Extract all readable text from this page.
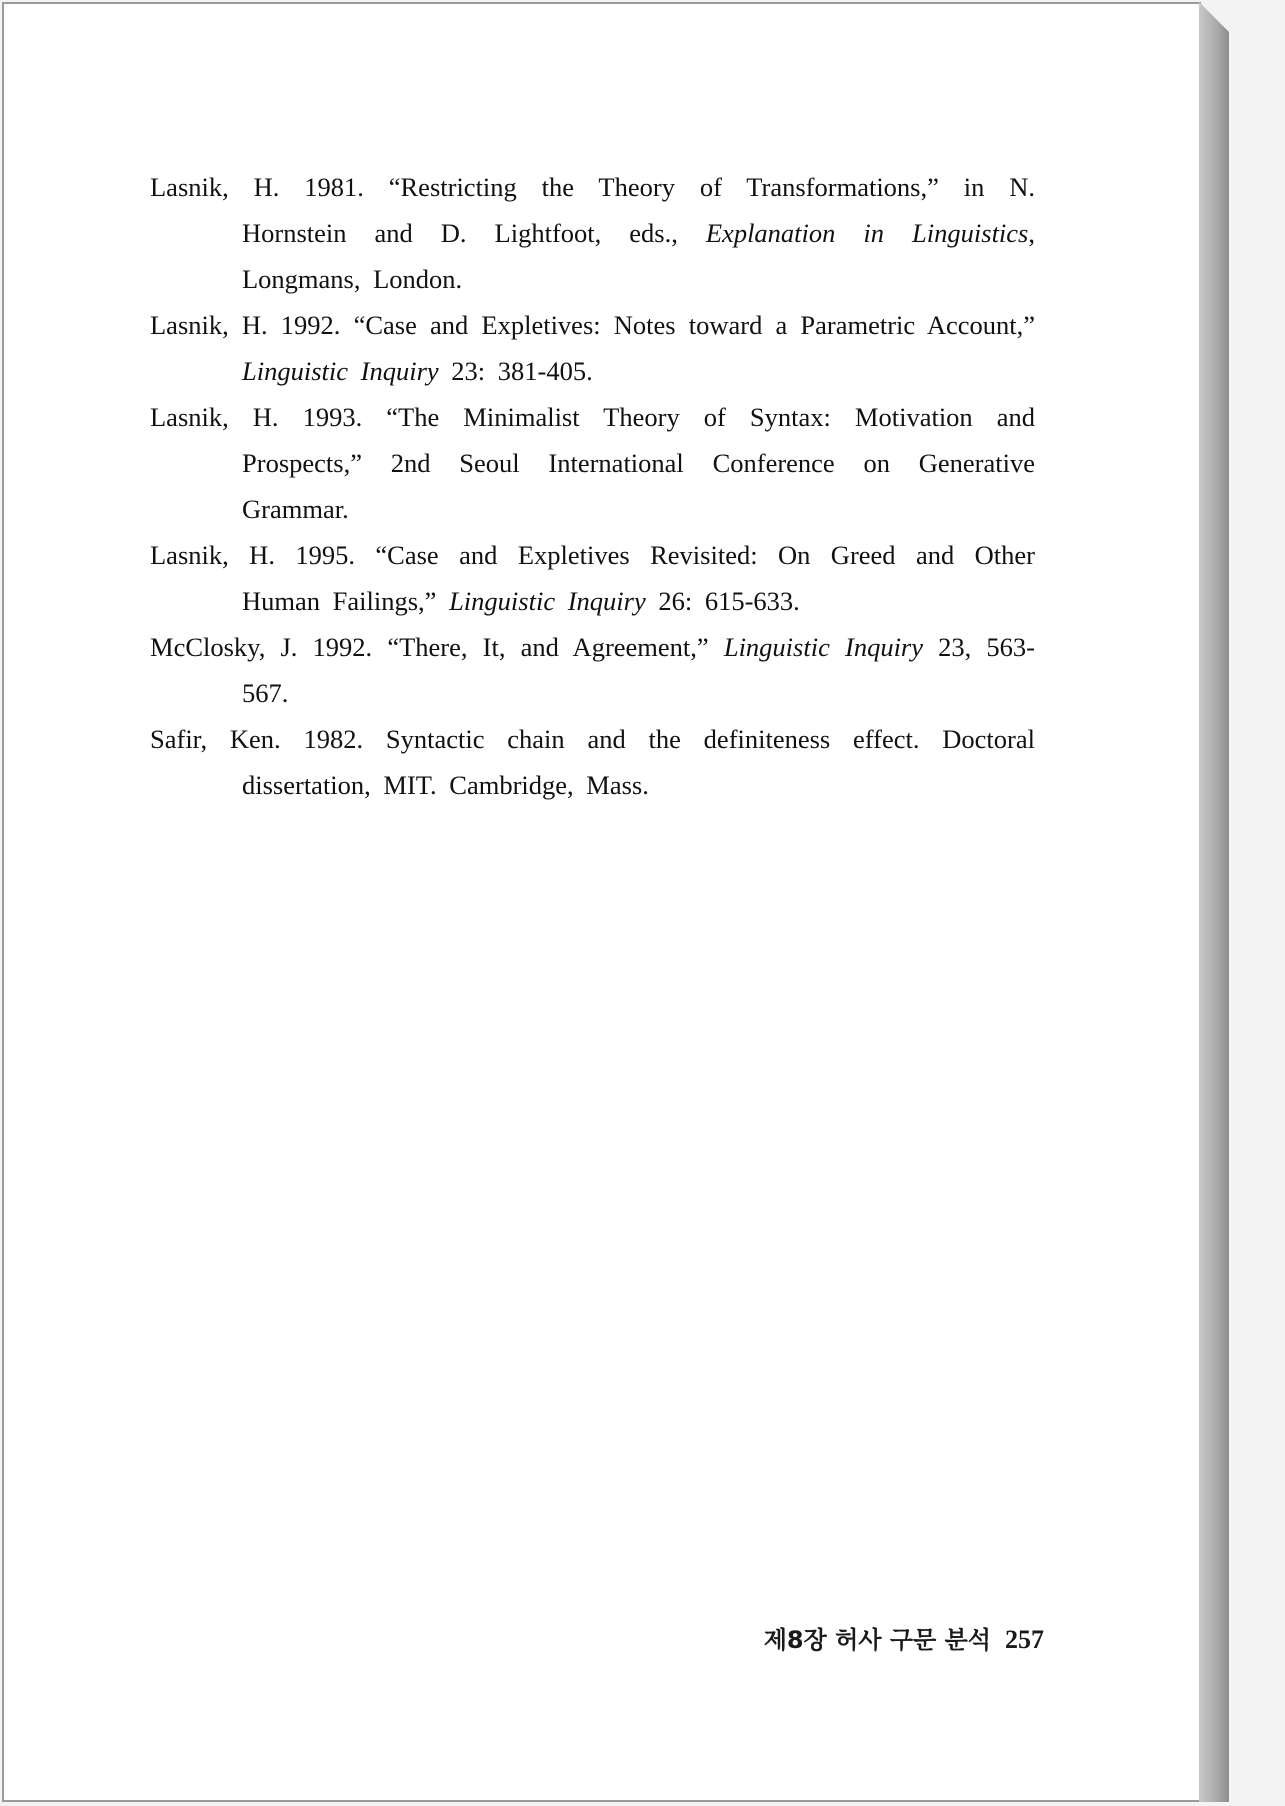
Lasnik, H. 1981. “Restricting the Theory of Transformations,” in N. Hornstein and D. Lightfoot, eds., Explanation in Linguistics, Longmans, London.

Lasnik, H. 1992. “Case and Expletives: Notes toward a Parametric Account,” Linguistic Inquiry 23: 381-405.

Lasnik, H. 1993. “The Minimalist Theory of Syntax: Motivation and Prospects,” 2nd Seoul International Conference on Generative Grammar.

Lasnik, H. 1995. “Case and Expletives Revisited: On Greed and Other Human Failings,” Linguistic Inquiry 26: 615-633.

McClosky, J. 1992. “There, It, and Agreement,” Linguistic Inquiry 23, 563-567.

Safir, Ken. 1982. Syntactic chain and the definiteness effect. Doctoral dissertation, MIT. Cambridge, Mass.

제8장 허사 구문 분석 257
